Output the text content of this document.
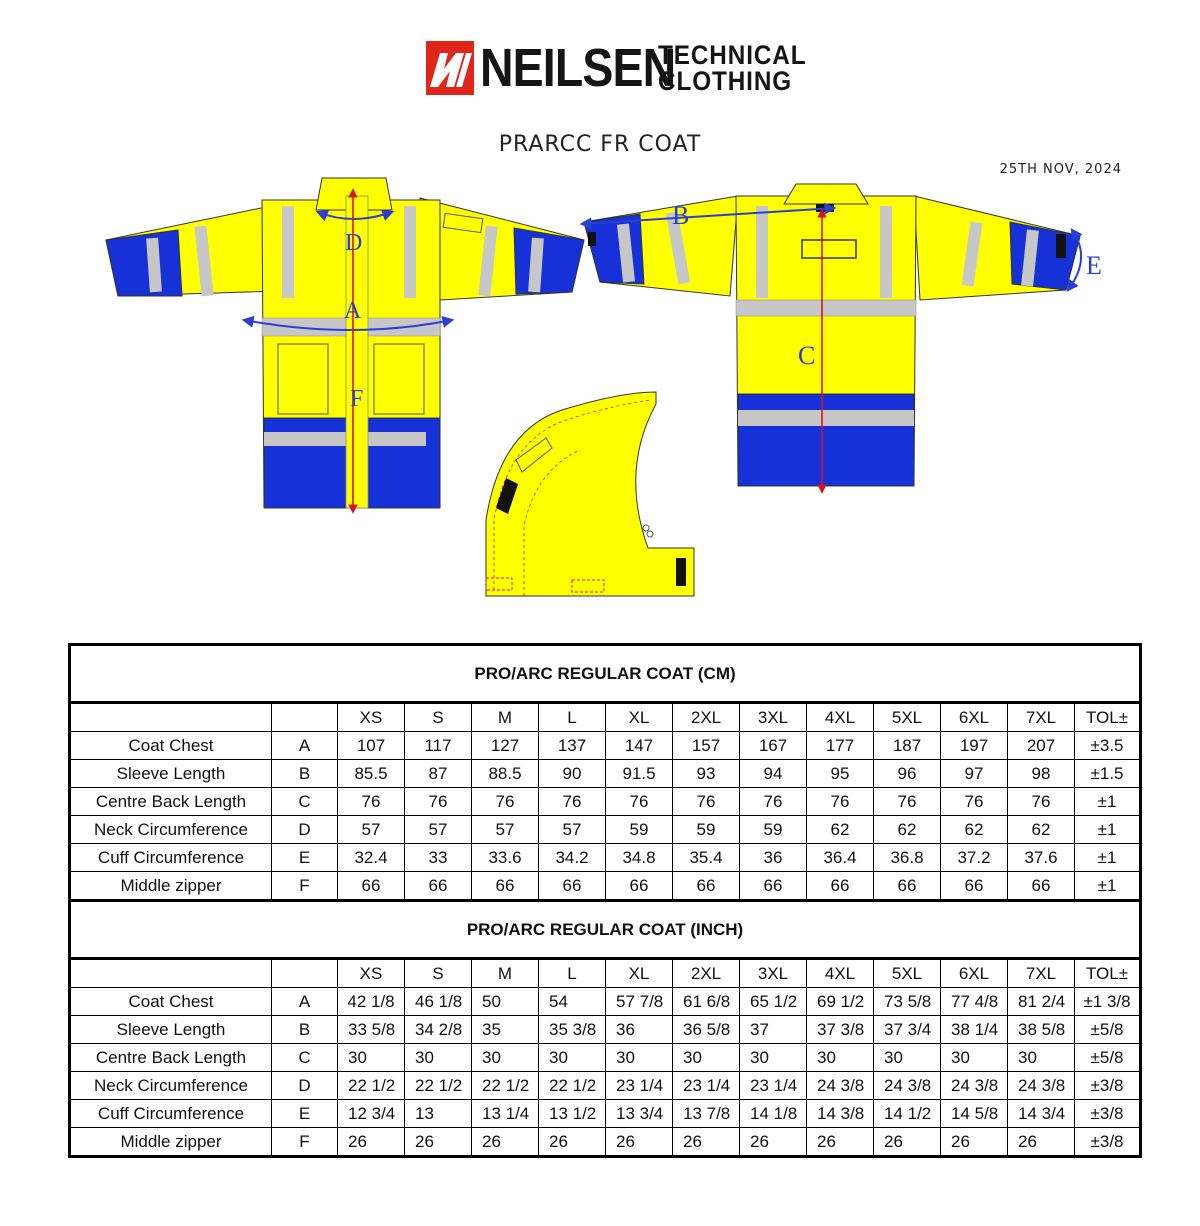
NEILSEN
TECHNICAL
CLOTHING
PRARCC FR COAT
25TH NOV, 2024
D
A
F
B
C
E
PRO/ARC REGULAR COAT (CM)													
		XS	S	M	L	XL	2XL	3XL	4XL	5XL	6XL	7XL	TOL±
Coat Chest	A	107	117	127	137	147	157	167	177	187	197	207	±3.5
Sleeve Length	B	85.5	87	88.5	90	91.5	93	94	95	96	97	98	±1.5
Centre Back Length	C	76	76	76	76	76	76	76	76	76	76	76	±1
Neck Circumference	D	57	57	57	57	59	59	59	62	62	62	62	±1
Cuff Circumference	E	32.4	33	33.6	34.2	34.8	35.4	36	36.4	36.8	37.2	37.6	±1
Middle zipper	F	66	66	66	66	66	66	66	66	66	66	66	±1
PRO/ARC REGULAR COAT (INCH)													
		XS	S	M	L	XL	2XL	3XL	4XL	5XL	6XL	7XL	TOL±
Coat Chest	A	42 1/8	46 1/8	50	54	57 7/8	61 6/8	65 1/2	69 1/2	73 5/8	77 4/8	81 2/4	±1 3/8
Sleeve Length	B	33 5/8	34 2/8	35	35 3/8	36	36 5/8	37	37 3/8	37 3/4	38 1/4	38 5/8	±5/8
Centre Back Length	C	30	30	30	30	30	30	30	30	30	30	30	±5/8
Neck Circumference	D	22 1/2	22 1/2	22 1/2	22 1/2	23 1/4	23 1/4	23 1/4	24 3/8	24 3/8	24 3/8	24 3/8	±3/8
Cuff Circumference	E	12 3/4	13	13 1/4	13 1/2	13 3/4	13 7/8	14 1/8	14 3/8	14 1/2	14 5/8	14 3/4	±3/8
Middle zipper	F	26	26	26	26	26	26	26	26	26	26	26	±3/8
